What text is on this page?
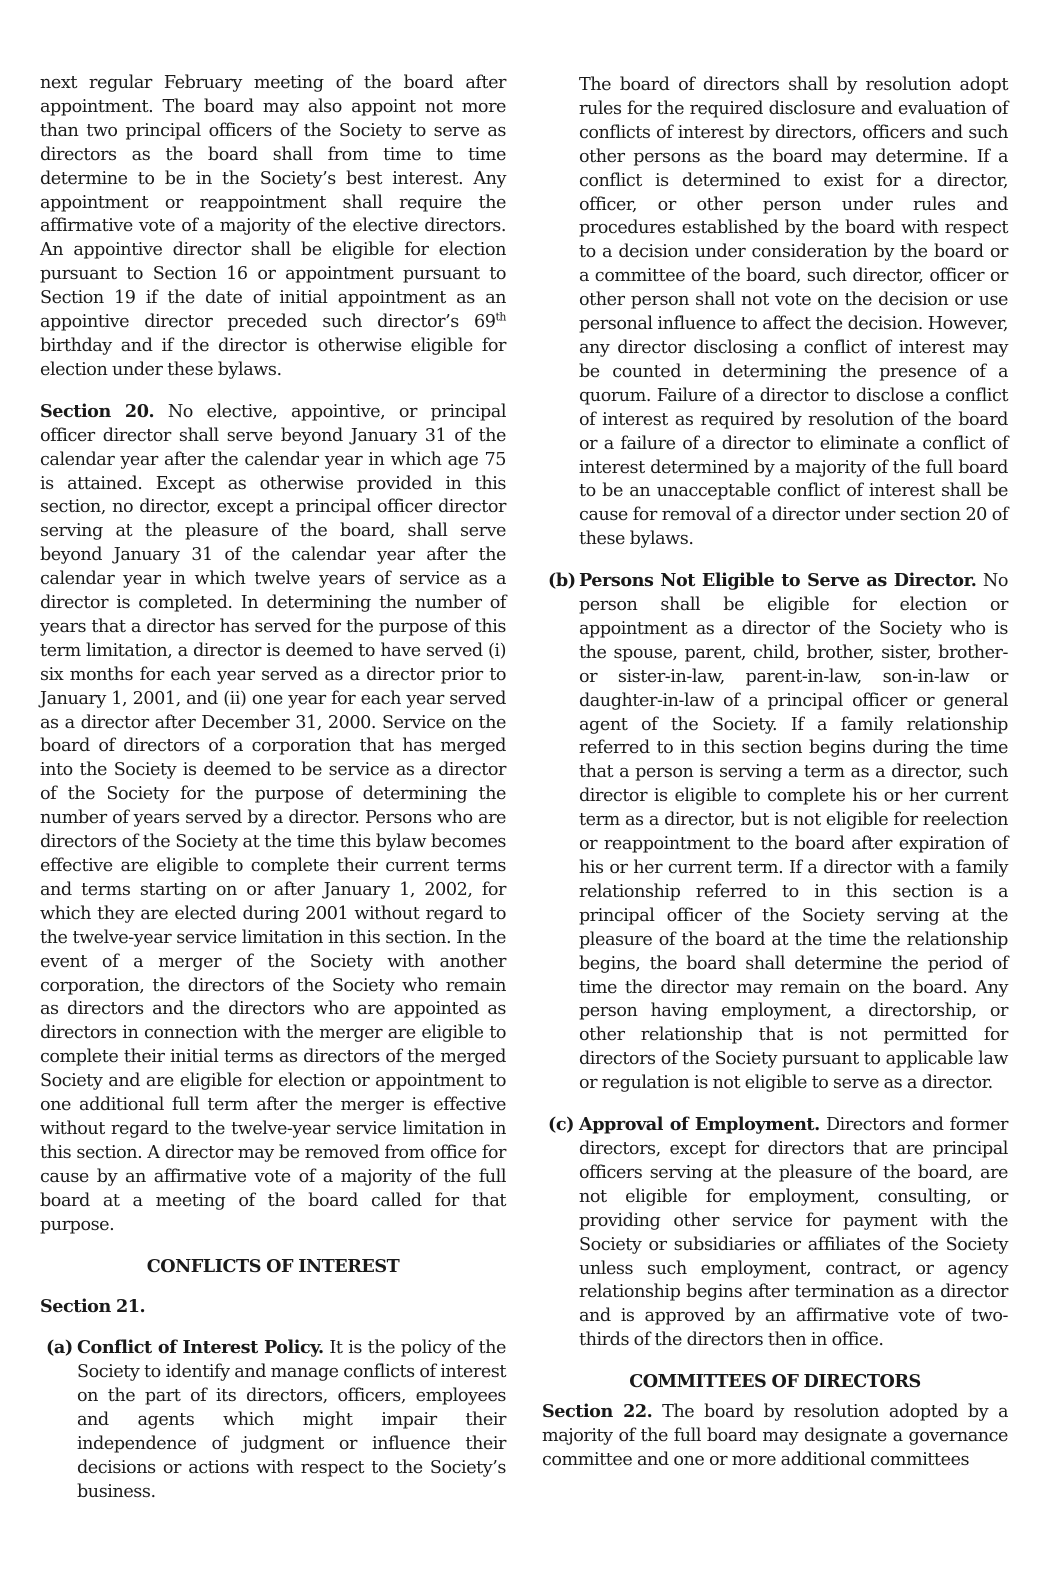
next regular February meeting of the board after appointment. The board may also appoint not more than two principal officers of the Society to serve as directors as the board shall from time to time determine to be in the Society’s best interest. Any appointment or reappointment shall require the affirmative vote of a majority of the elective directors. An appointive director shall be eligible for election pursuant to Section 16 or appointment pursuant to Section 19 if the date of initial appointment as an appointive director preceded such director’s 69th birthday and if the director is otherwise eligible for election under these bylaws.

Section 20. No elective, appointive, or principal officer director shall serve beyond January 31 of the calendar year after the calendar year in which age 75 is attained. Except as otherwise provided in this section, no director, except a principal officer director serving at the pleasure of the board, shall serve beyond January 31 of the calendar year after the calendar year in which twelve years of service as a director is completed. In determining the number of years that a director has served for the purpose of this term limitation, a director is deemed to have served (i) six months for each year served as a director prior to January 1, 2001, and (ii) one year for each year served as a director after December 31, 2000. Service on the board of directors of a corporation that has merged into the Society is deemed to be service as a director of the Society for the purpose of determining the number of years served by a director. Persons who are directors of the Society at the time this bylaw becomes effective are eligible to complete their current terms and terms starting on or after January 1, 2002, for which they are elected during 2001 without regard to the twelve-year service limitation in this section. In the event of a merger of the Society with another corporation, the directors of the Society who remain as directors and the directors who are appointed as directors in connection with the merger are eligible to complete their initial terms as directors of the merged Society and are eligible for election or appointment to one additional full term after the merger is effective without regard to the twelve-year service limitation in this section. A director may be removed from office for cause by an affirmative vote of a majority of the full board at a meeting of the board called for that purpose.

CONFLICTS OF INTEREST

Section 21.

(a) Conflict of Interest Policy. It is the policy of the Society to identify and manage conflicts of interest on the part of its directors, officers, employees and agents which might impair their independence of judgment or influence their decisions or actions with respect to the Society’s business.

The board of directors shall by resolution adopt rules for the required disclosure and evaluation of conflicts of interest by directors, officers and such other persons as the board may determine. If a conflict is determined to exist for a director, officer, or other person under rules and procedures established by the board with respect to a decision under consideration by the board or a committee of the board, such director, officer or other person shall not vote on the decision or use personal influence to affect the decision. However, any director disclosing a conflict of interest may be counted in determining the presence of a quorum. Failure of a director to disclose a conflict of interest as required by resolution of the board or a failure of a director to eliminate a conflict of interest determined by a majority of the full board to be an unacceptable conflict of interest shall be cause for removal of a director under section 20 of these bylaws.

(b) Persons Not Eligible to Serve as Director. No person shall be eligible for election or appointment as a director of the Society who is the spouse, parent, child, brother, sister, brother- or sister-in-law, parent-in-law, son-in-law or daughter-in-law of a principal officer or general agent of the Society. If a family relationship referred to in this section begins during the time that a person is serving a term as a director, such director is eligible to complete his or her current term as a director, but is not eligible for reelection or reappointment to the board after expiration of his or her current term. If a director with a family relationship referred to in this section is a principal officer of the Society serving at the pleasure of the board at the time the relationship begins, the board shall determine the period of time the director may remain on the board. Any person having employment, a directorship, or other relationship that is not permitted for directors of the Society pursuant to applicable law or regulation is not eligible to serve as a director.
(c) Approval of Employment. Directors and former directors, except for directors that are principal officers serving at the pleasure of the board, are not eligible for employment, consulting, or providing other service for payment with the Society or subsidiaries or affiliates of the Society unless such employment, contract, or agency relationship begins after termination as a director and is approved by an affirmative vote of two-thirds of the directors then in office.
COMMITTEES OF DIRECTORS

Section 22. The board by resolution adopted by a majority of the full board may designate a governance committee and one or more additional committees
